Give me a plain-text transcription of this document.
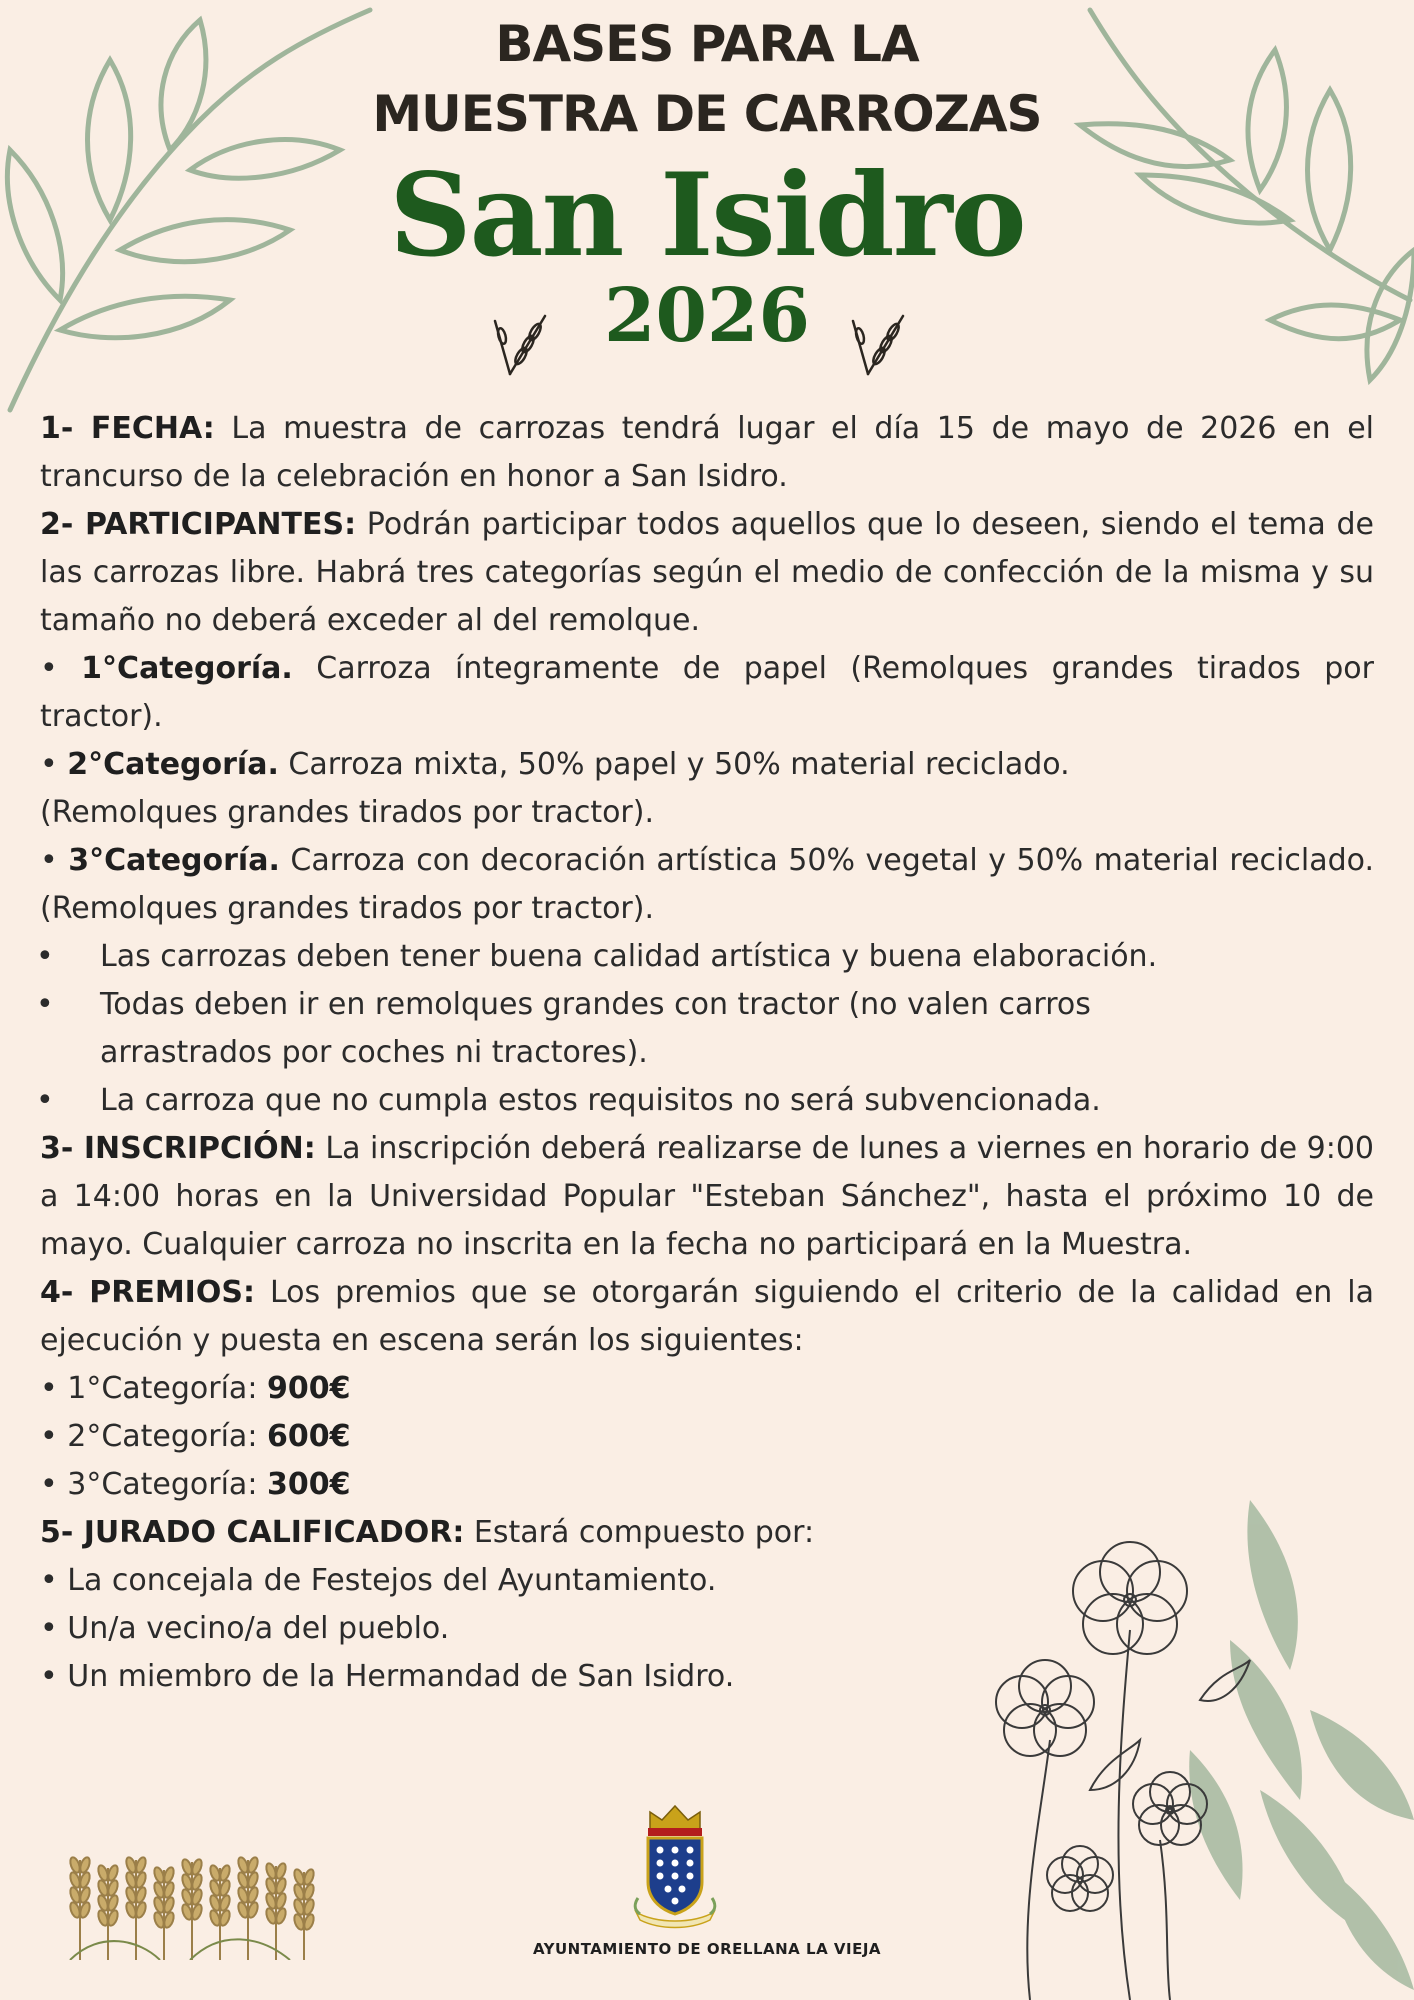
BASES PARA LA
MUESTRA DE CARROZAS
San Isidro
2026
AYUNTAMIENTO DE ORELLANA LA VIEJA

1- FECHA: La muestra de carrozas tendrá lugar el día 15 de mayo de 2026 en el trancurso de la celebración en honor a San Isidro.

2- PARTICIPANTES: Podrán participar todos aquellos que lo deseen, siendo el tema de las carrozas libre. Habrá tres categorías según el medio de confección de la misma y su tamaño no deberá exceder al del remolque.

• 1°Categoría. Carroza íntegramente de papel (Remolques grandes tirados por tractor).

• 2°Categoría. Carroza mixta, 50% papel y 50% material reciclado.
(Remolques grandes tirados por tractor).

• 3°Categoría. Carroza con decoración artística 50% vegetal y 50% material reciclado. (Remolques grandes tirados por tractor).

• Las carrozas deben tener buena calidad artística y buena elaboración.

• Todas deben ir en remolques grandes con tractor (no valen carros arrastrados por coches ni tractores).

• La carroza que no cumpla estos requisitos no será subvencionada.

3- INSCRIPCIÓN: La inscripción deberá realizarse de lunes a viernes en horario de 9:00 a 14:00 horas en la Universidad Popular "Esteban Sánchez", hasta el próximo 10 de mayo. Cualquier carroza no inscrita en la fecha no participará en la Muestra.

4- PREMIOS: Los premios que se otorgarán siguiendo el criterio de la calidad en la ejecución y puesta en escena serán los siguientes:

• 1°Categoría: 900€

• 2°Categoría: 600€

• 3°Categoría: 300€

5- JURADO CALIFICADOR: Estará compuesto por:

• La concejala de Festejos del Ayuntamiento.

• Un/a vecino/a del pueblo.

• Un miembro de la Hermandad de San Isidro.
